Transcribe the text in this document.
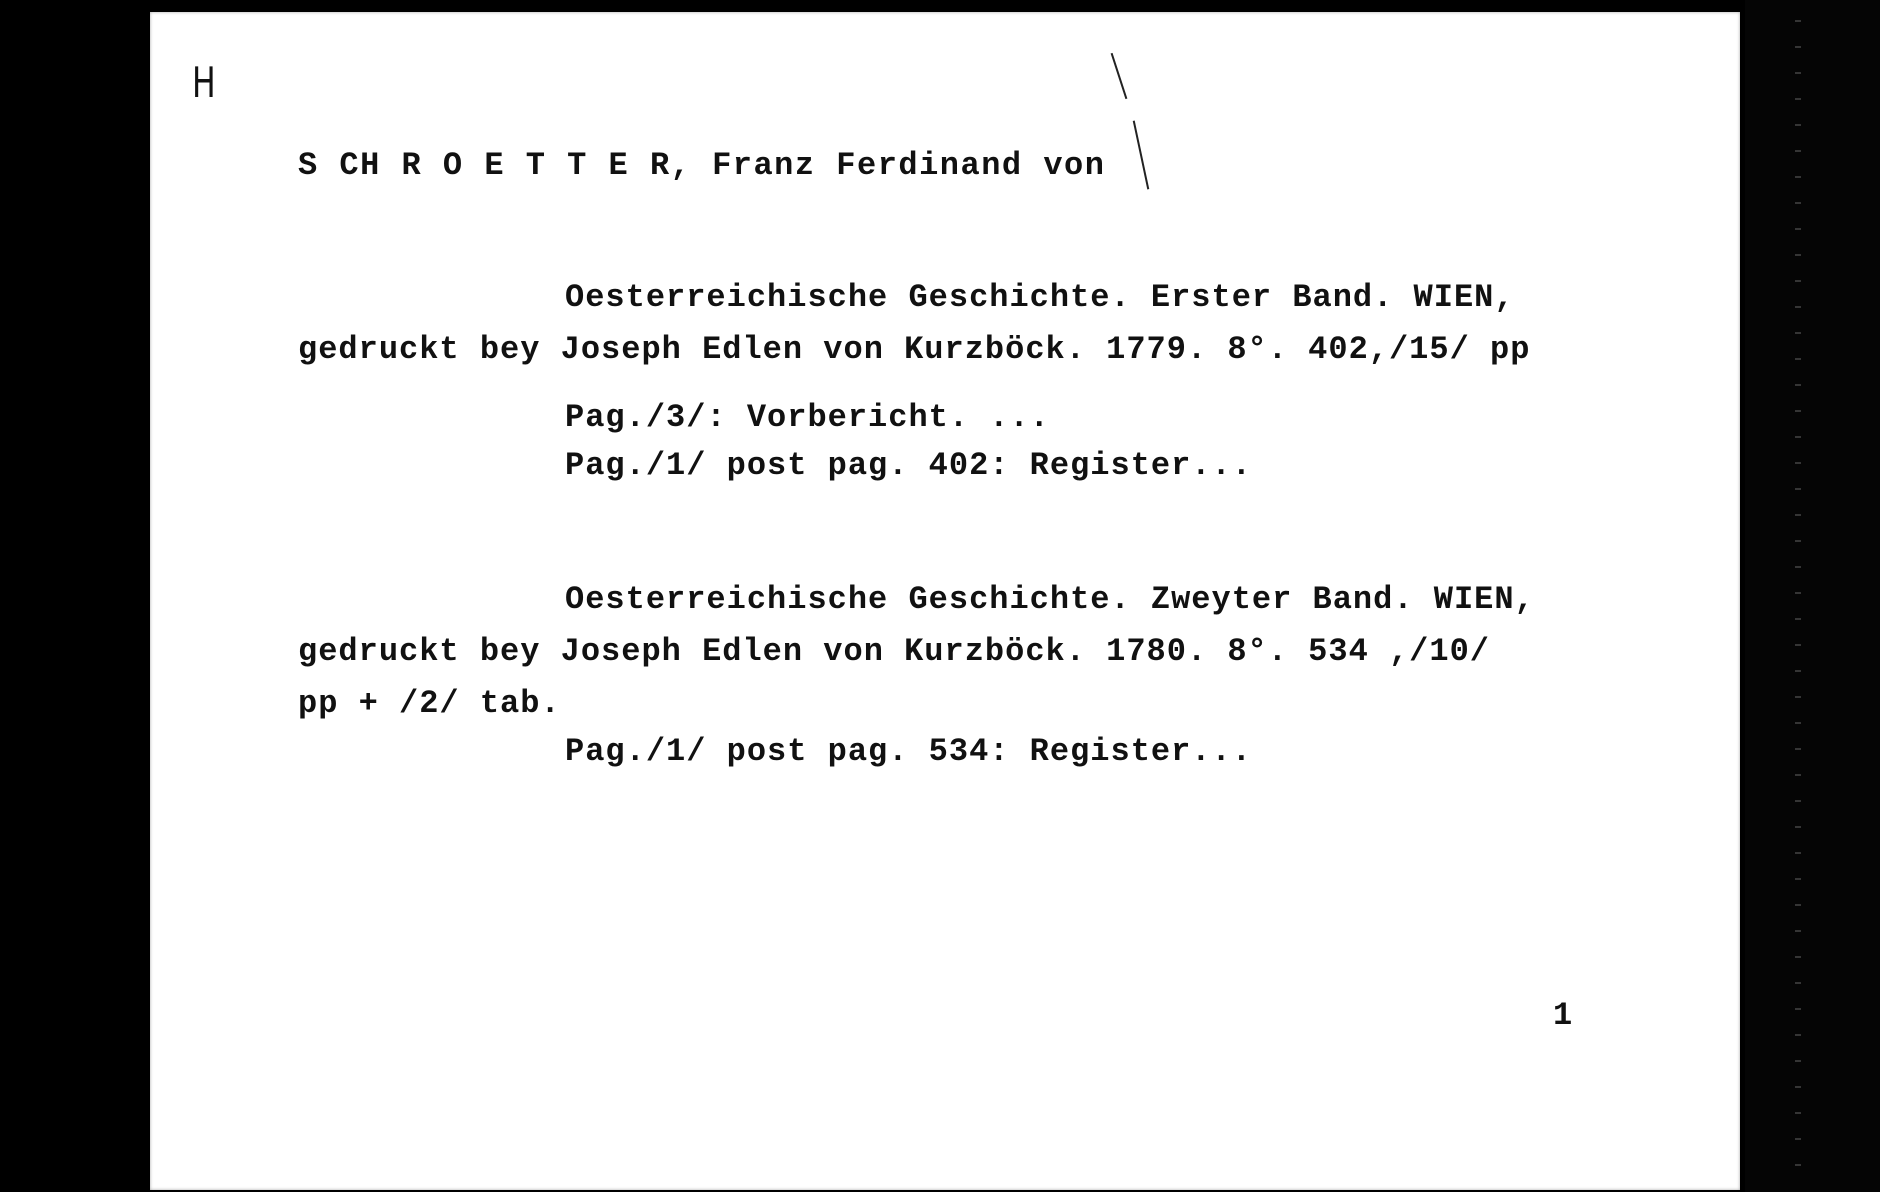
H
S CH R O E T T E R, Franz Ferdinand von
Oesterreichische Geschichte. Erster Band. WIEN,
gedruckt bey Joseph Edlen von Kurzböck. 1779. 8°. 402,/15/ pp
Pag./3/: Vorbericht. ...
Pag./1/ post pag. 402: Register...
Oesterreichische Geschichte. Zweyter Band. WIEN,
gedruckt bey Joseph Edlen von Kurzböck. 1780. 8°. 534 ,/10/
pp + /2/ tab.
Pag./1/ post pag. 534: Register...
1
